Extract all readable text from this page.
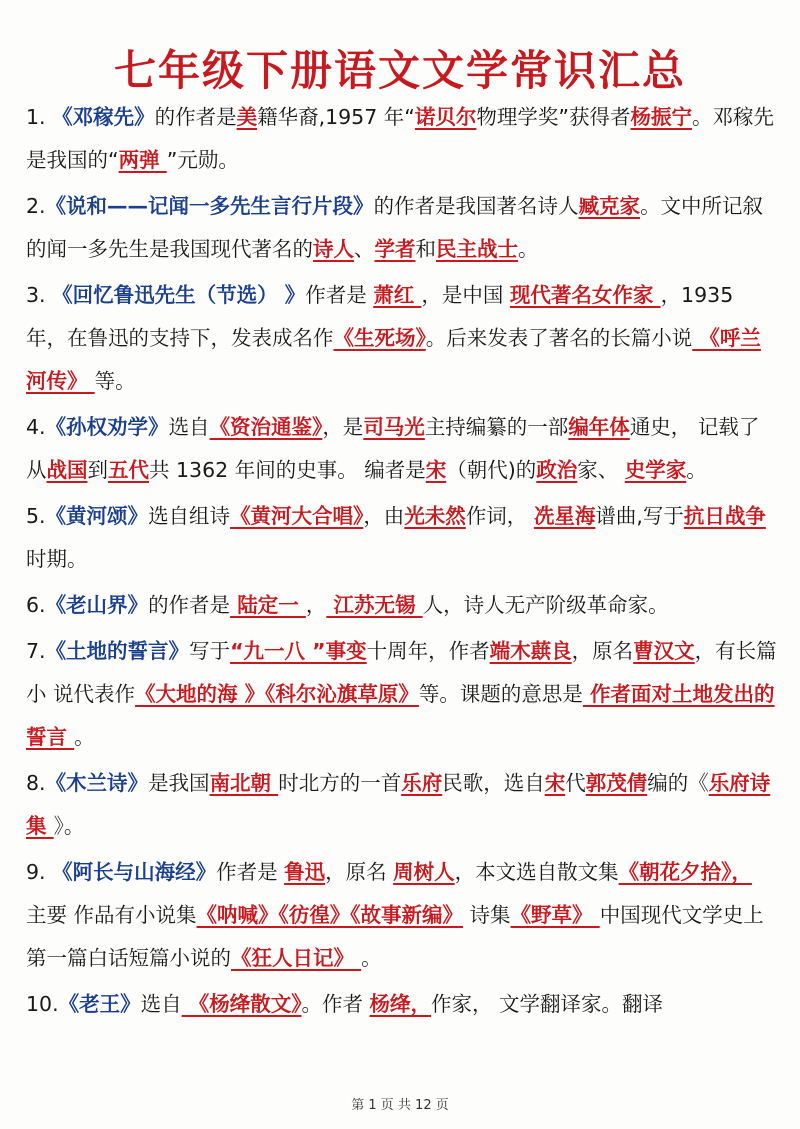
七年级下册语文文学常识汇总

1. 《邓稼先》的作者是美籍华裔,1957 年“诺贝尔物理学奖”获得者杨振宁。邓稼先是我国的“两弹 ”元勋。

2.《说和——记闻一多先生言行片段》的作者是我国著名诗人臧克家。文中所记叙的闻一多先生是我国现代著名的诗人、学者和民主战士。

3. 《回忆鲁迅先生（节选） 》作者是 萧红 ，是中国 现代著名女作家 ，1935 年，在鲁迅的支持下，发表成名作《生死场》。后来发表了著名的长篇小说 《呼兰河传》 等。

4.《孙权劝学》选自《资治通鉴》，是司马光主持编纂的一部编年体通史， 记载了从战国到五代共 1362 年间的史事。 编者是宋（朝代)的政治家、 史学家。

5.《黄河颂》选自组诗《黄河大合唱》，由光未然作词， 冼星海谱曲,写于抗日战争时期。

6.《老山界》的作者是 陆定一 ， 江苏无锡 人，诗人无产阶级革命家。

7.《土地的誓言》写于“九一八 ”事变十周年，作者端木蕻良，原名曹汉文，有长篇小 说代表作《大地的海 》《科尔沁旗草原》等。课题的意思是 作者面对土地发出的誓言 。

8.《木兰诗》是我国南北朝 时北方的一首乐府民歌，选自宋代郭茂倩编的《乐府诗集 》。

9. 《阿长与山海经》作者是 鲁迅，原名 周树人，本文选自散文集《朝花夕拾》， 主要 作品有小说集《呐喊》《彷徨》《故事新编》 诗集《野草》 中国现代文学史上第一篇白话短篇小说的《狂人日记》 。

10.《老王》选自 《杨绛散文》。作者 杨绛，作家， 文学翻译家。翻译

第 1 页 共 12 页
